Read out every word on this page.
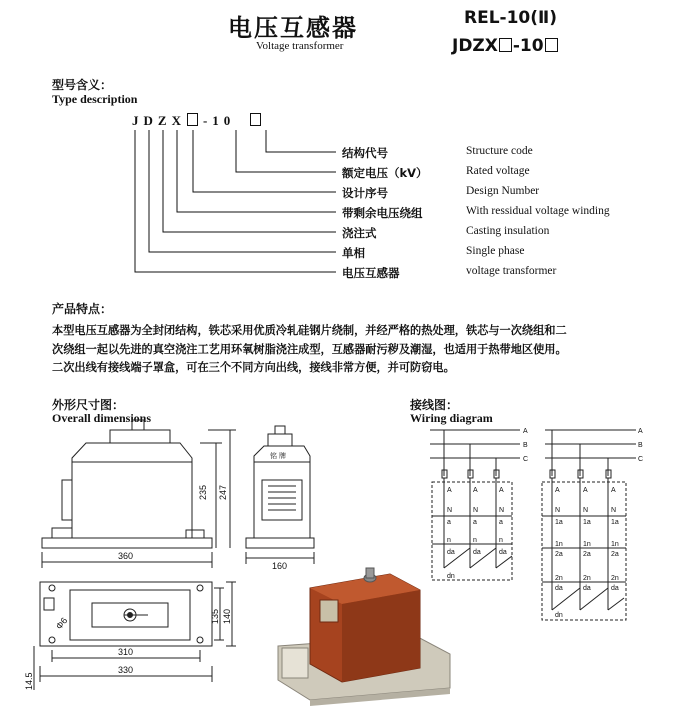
电压互感器
Voltage transformer
REL-10(Ⅱ)
JDZX -10
型号含义：
Type description
JDZX -10
结构代号	Structure code
额定电压（kV）	Rated voltage
设计序号	Design Number
带剩余电压绕组	With ressidual voltage winding
浇注式	Casting insulation
单相	Single phase
电压互感器	voltage transformer
产品特点：
本型电压互感器为全封闭结构，铁芯采用优质冷轧硅钢片绕制，并经严格的热处理，铁芯与一次绕组和二
次绕组一起以先进的真空浇注工艺用环氧树脂浇注成型，互感器耐污秽及潮湿，也适用于热带地区使用。
二次出线有接线端子罩盒，可在三个不同方向出线，接线非常方便，并可防窃电。
外形尺寸图：
Overall dimensions
接线图：
Wiring diagram
360
235 247
160
铭 牌
310
330
135 140
Φ6
14.5
A
B
C
A
B
C
A	A	A
N	N	N
a	a	a
n	n	n
da	da	da
dn
A	A	A
N	N	N
1a	1a	1a
1n	1n	1n
2a	2a	2a
2n	2n	2n
da	da	da
dn
